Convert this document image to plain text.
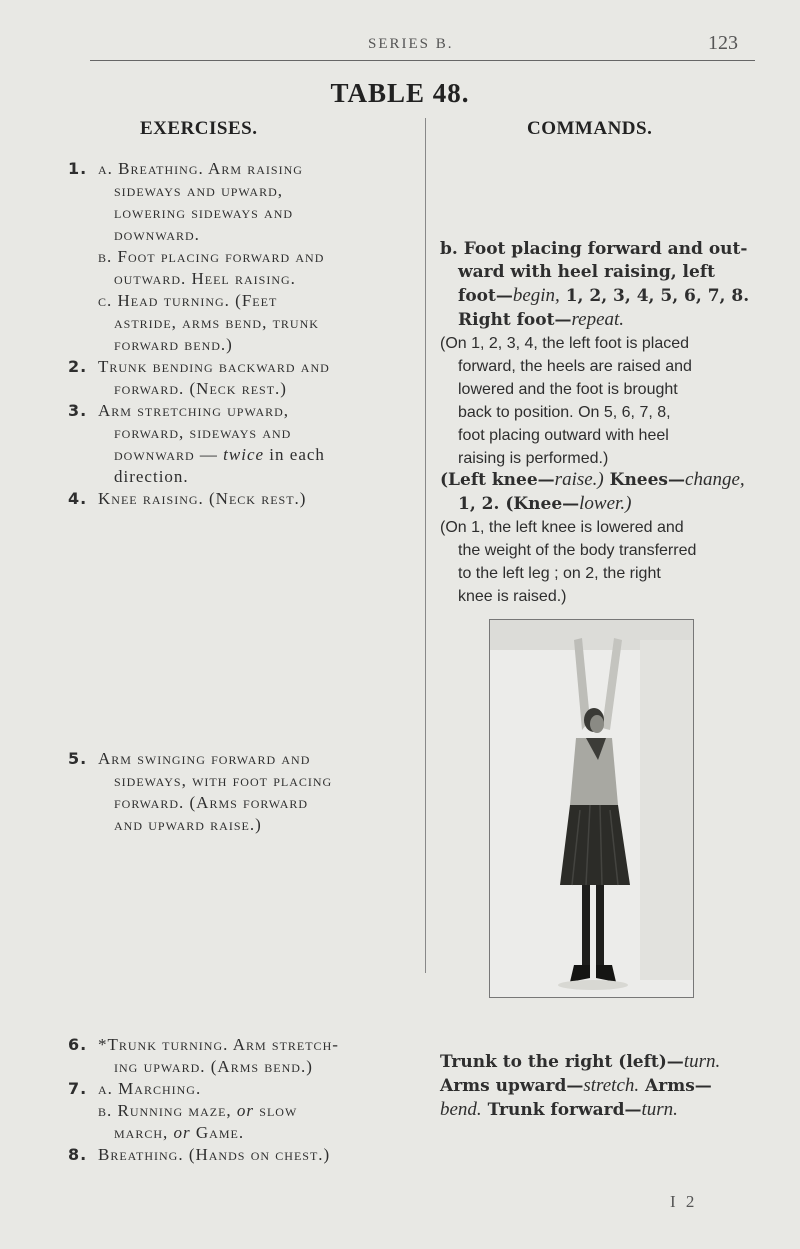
SERIES B.	123
TABLE 48.
EXERCISES.	COMMANDS.
1. a. Breathing. Arm raising
sideways and upward,
lowering sideways and
downward.
b. Foot placing forward and
outward. Heel raising.
c. Head turning. (Feet
astride, arms bend, trunk
forward bend.)
2. Trunk bending backward and
forward. (Neck rest.)
3. Arm stretching upward,
forward, sideways and
downward — twice in each
direction.
4. Knee raising. (Neck rest.)
5. Arm swinging forward and
sideways, with foot placing
forward. (Arms forward
and upward raise.)
6. *Trunk turning. Arm stretch-
ing upward. (Arms bend.)
7. a. Marching.
b. Running maze, or slow
march, or Game.
8. Breathing. (Hands on chest.)
b. Foot placing forward and out-
ward with heel raising, left
foot—begin, 1, 2, 3, 4, 5, 6, 7, 8.
Right foot—repeat.
(On 1, 2, 3, 4, the left foot is placed
forward, the heels are raised and
lowered and the foot is brought
back to position. On 5, 6, 7, 8,
foot placing outward with heel
raising is performed.)
(Left knee—raise.) Knees—change,
1, 2. (Knee—lower.)
(On 1, the left knee is lowered and
the weight of the body transferred
to the left leg ; on 2, the right
knee is raised.)
Trunk to the right (left)—turn.
Arms upward—stretch. Arms—
bend. Trunk forward—turn.
I 2
